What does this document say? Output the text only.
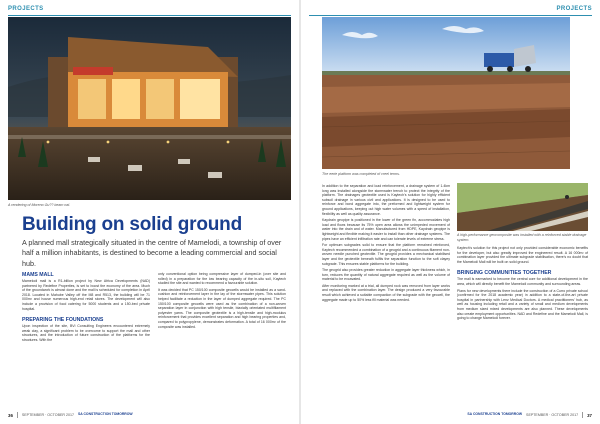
PROJECTS
A rendering of Moreno Gu?? beam nal.
Building on solid ground
A planned mall strategically situated in the centre of Mamelodi, a township of over half a million inhabitants, is destined to become a leading commercial and social hub.
MAMS MALL

Mamelodi mall is a R1-billion project by New Africa Developments (NAD) partnered by Redefine Properties, is set to boost the economy of the area. Much of the groundwork is almost done and the mall is scheduled for completion in April 2018. Located in Mahube Valley off the M8 and R513, the building will be 71 000m² and house numerous high-end retail stores. The development will also include a provision of food catering for 5000 students and a 150-bed private hospital.

PREPARING THE FOUNDATIONS

Upon inspection of the site, BVi Consulting Engineers encountered extremely weak clay, a significant problem to be overcome to support the mall and other structures, and the introduction of future construction of the platforms for the structures. With the

only conventional option being compressive layer of dumped-in (over site and rolled) in a preparation for the low bearing capacity of the in-situ soil, Kaytech studied the site and wanted to recommend a favourable solution.

It was decided that PC 150/100 composite geocells would be installed as a sand-cushion and reinforcement layer in the lay of the stormwater pipes. This solution helped facilitate a reduction in the layer of dumped aggregate required. The PC 150/100 composite geocells were used as the combination of a non-woven separation layer in conjunction with high tensile, biaxially orientated multifilament polyester yarns. The composite geotextile is a high-tensile and high-modulus reinforcement that provides excellent separation and high bearing properties and, compared to polypropylene, demonstrates deformation. A total of 16 000m² of the composite was installed.

36	SEPTEMBER · OCTOBER 2017 SA CONSTRUCTION TOMORROW
PROJECTS
The eerie platform was completed of creel terms.
A high-performance geocomposite was installed with a reinforced stable drainage system.

In addition to the separation and load reinforcement, a drainage system of 1.4km long was installed alongside the stormwater trench to protect the integrity of the platform. The drainages geotextile used is Kaytech's solution for highly efficient subsoil drainage in various civil and applications. It is designed to be used to reinforce and bond aggregate into, the preformed and lightweight system for ground applications, keeping out high water volumes with a speed of installation, flexibility as well as quality assurance.

Kaydrain geopipe is positioned in the lower of the green fin, accommodates high load and flows because its 75% open area allows the unimpeded movement of water into the drain and of water. Manufactured from HDPE, Kaydrain geopipe is lightweight and flexible making it easier to install than other drainage systems. The pipes have an efficient infiltration rate and can tolerate levels of extreme stress.

For optimum subgrades solid to ensure that the platform remained reinforced, Kaytech recommended a combination of a geogrid and a continuous filament non-woven needle punched geotextile. The geogrid provides a mechanical stabilised layer and the geotextile beneath fulfils the separation function to the soft clayey subgrade. This ensures stable platforms for the building.

The geogrid also provides greater reduction in aggregate layer thickness which, in turn, reduces the quantity of natural aggregate required as well as the volume of material to be excavated.

After monitoring marked at a trial, all dumped rock was removed from layer works and replaced with the combination layer. The design produced a very favourable result which achieved a suitable compaction of the subgrade with the geocell, the aggregate made up to 50% less fill material was needed.

Kaytech's solution for this project not only provided considerable economic benefits for the developer, but also greatly improved the engineered result. A 16 000m² of combination layer provided the ultimate subgrade stabilisation, there's no doubt that the Mamelodi Mall will be built on solid ground.

BRINGING COMMUNITIES TOGETHER

The mall is earmarked to become the central core for additional development in the area, which will directly benefit the Mamelodi community and surrounding areas.

Plans for new developments there include the construction of a Curro private school (confirmed for the 2018 academic year) in addition to a state-of-the-art private hospital in partnership with Lenz Medical Doctors. A medical practitioners' hub, as well as housing including retail and a variety of small and medium developments from medium sized mixed developments are also planned. These developments also create employment opportunities. NAD and Redefine and the Mamelodi Mall, is going to change Mamelodi forever.

SA CONSTRUCTION TOMORROW SEPTEMBER · OCTOBER 2017 37
